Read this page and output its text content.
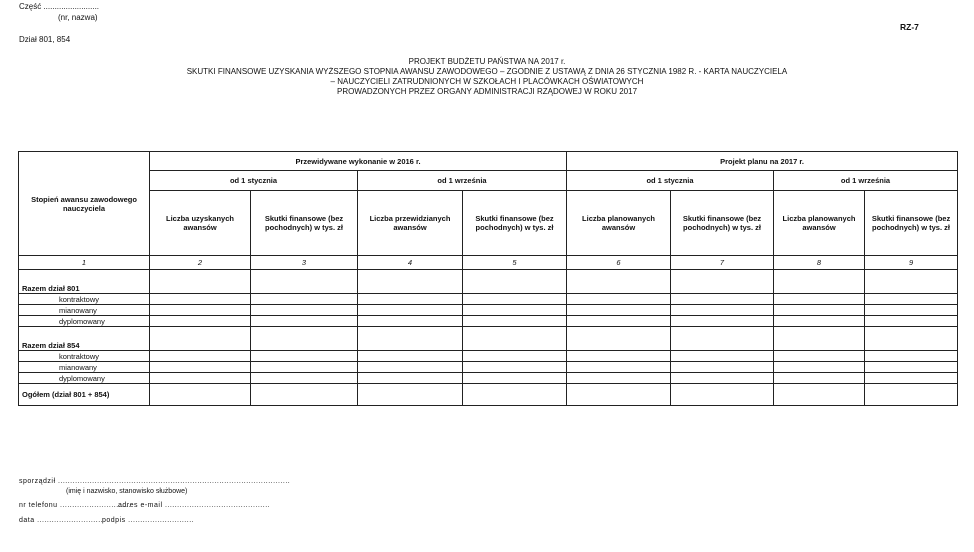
Część .........................
(nr, nazwa)
Dział 801, 854
RZ-7
PROJEKT BUDŻETU PAŃSTWA NA 2017 r.
SKUTKI FINANSOWE UZYSKANIA WYŻSZEGO STOPNIA AWANSU ZAWODOWEGO – ZGODNIE Z USTAWĄ Z DNIA 26 STYCZNIA 1982 R. - KARTA NAUCZYCIELA
– NAUCZYCIELI ZATRUDNIONYCH W SZKOŁACH I PLACÓWKACH OŚWIATOWYCH
PROWADZONYCH PRZEZ ORGANY ADMINISTRACJI RZĄDOWEJ W ROKU 2017
Stopień awansu zawodowego nauczyciela	Przewidywane wykonanie w 2016 r.				Projekt planu na 2017 r.			
	od 1 stycznia		od 1 września		od 1 stycznia		od 1 września	
	Liczba uzyskanych awansów	Skutki finansowe (bez pochodnych) w tys. zł	Liczba przewidzianych awansów	Skutki finansowe (bez pochodnych) w tys. zł	Liczba planowanych awansów	Skutki finansowe (bez pochodnych) w tys. zł	Liczba planowanych awansów	Skutki finansowe (bez pochodnych) w tys. zł
1	2	3	4	5	6	7	8	9
Razem dział 801								
kontraktowy								
mianowany								
dyplomowany								
Razem dział 854								
kontraktowy								
mianowany								
dyplomowany								
Ogółem (dział 801 + 854)								
sporządził ...............................................................................................
(imię i nazwisko, stanowisko służbowe)
nr telefonu .............................
adres e-mail ...........................................
data ...........................
podpis ...........................
